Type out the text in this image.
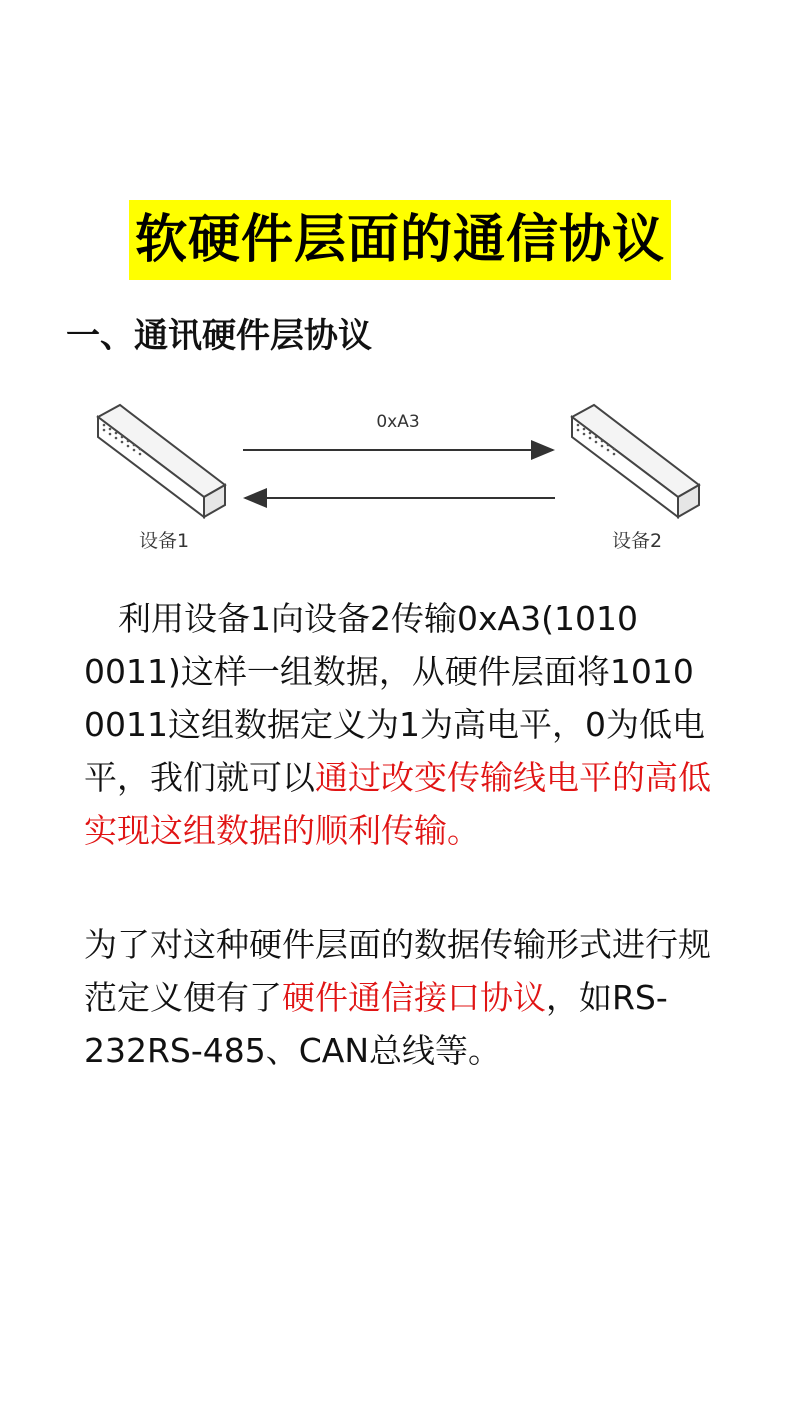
软硬件层面的通信协议
一、通讯硬件层协议
0xA3
设备1	设备2
利用设备1向设备2传输0xA3(1010 0011)这样一组数据，从硬件层面将1010 0011这组数据定义为1为高电平，0为低电平，我们就可以通过改变传输线电平的高低实现这组数据的顺利传输。
为了对这种硬件层面的数据传输形式进行规范定义便有了硬件通信接口协议，如RS-232RS-485、CAN总线等。
